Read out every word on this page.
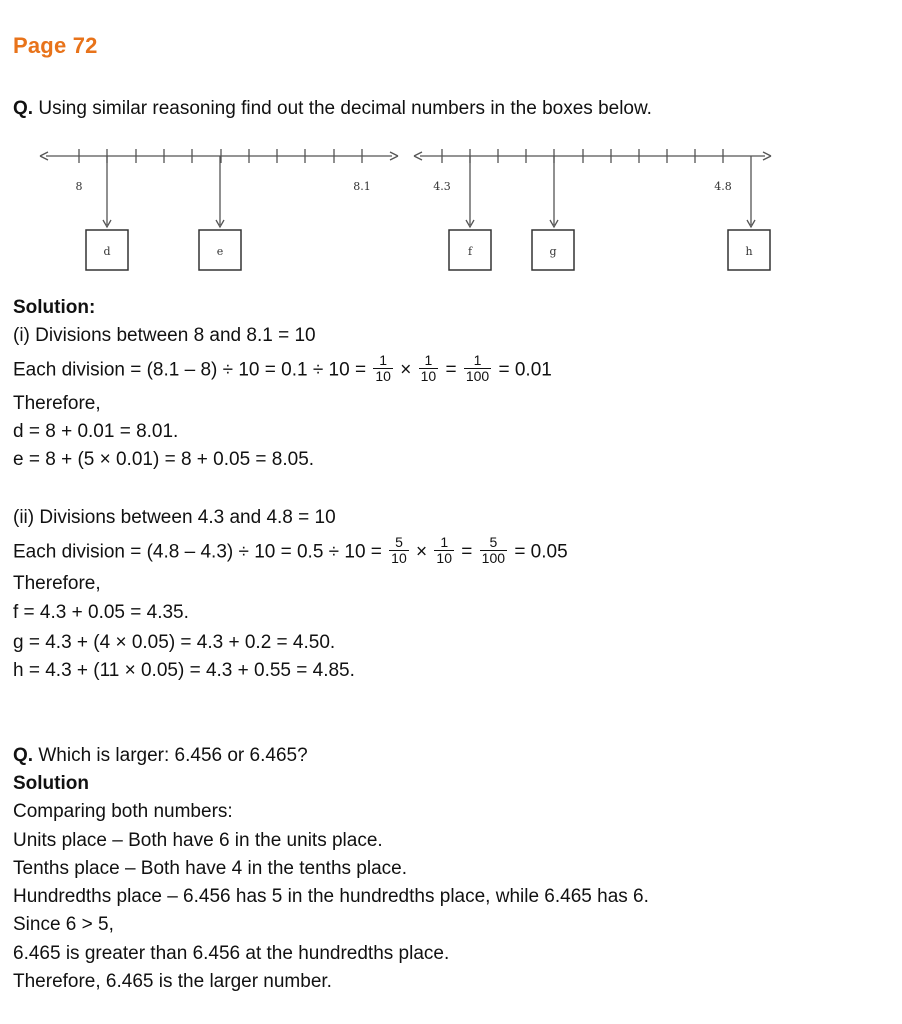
Page 72
Q. Using similar reasoning find out the decimal numbers in the boxes below.
8	8.1
d	e
4.3	4.8
f	g	h
Solution:
(i) Divisions between 8 and 8.1 = 10
Each division = $(8.1 - 8) \div 10 = 0.1 \div 10 = \frac{1}{10} \times \frac{1}{10} = \frac{1}{100} = 0.01$
Therefore,
d = 8 + 0.01 = 8.01.
e = 8 + (5 × 0.01) = 8 + 0.05 = 8.05.
(ii) Divisions between 4.3 and 4.8 = 10
Each division = $(4.8 - 4.3) \div 10 = 0.5 \div 10 = \frac{5}{10} \times \frac{1}{10} = \frac{5}{100} = 0.05$
Therefore,
f = 4.3 + 0.05 = 4.35.
g = 4.3 + (4 × 0.05) = 4.3 + 0.2 = 4.50.
h = 4.3 + (11 × 0.05) = 4.3 + 0.55 = 4.85.
Q. Which is larger: 6.456 or 6.465?
Solution
Comparing both numbers:
Units place – Both have 6 in the units place.
Tenths place – Both have 4 in the tenths place.
Hundredths place – 6.456 has 5 in the hundredths place, while 6.465 has 6.
Since 6 > 5,
6.465 is greater than 6.456 at the hundredths place.
Therefore, 6.465 is the larger number.
